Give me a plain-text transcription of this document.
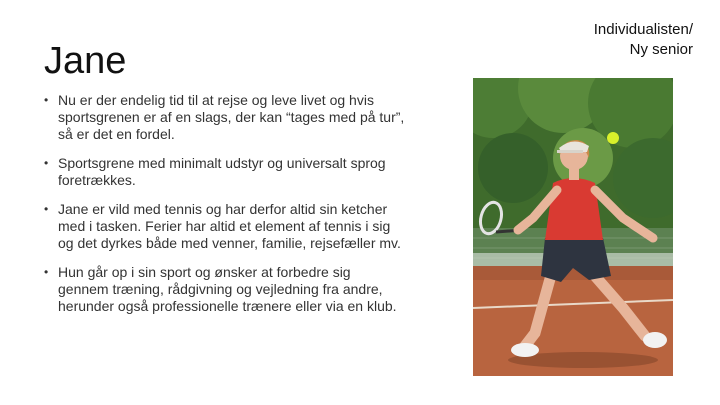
Jane
Individualisten/
Ny senior
• Nu er der endelig tid til at rejse og leve livet og hvis sportsgrenen er af en slags, der kan “tages med på tur”, så er det en fordel.
• Sportsgrene med minimalt udstyr og universalt sprog foretrækkes.
• Jane er vild med tennis og har derfor altid sin ketcher med i tasken. Ferier har altid et element af tennis i sig og det dyrkes både med venner, familie, rejsefæller mv.
• Hun går op i sin sport og ønsker at forbedre sig gennem træning, rådgivning og vejledning fra andre, herunder også professionelle trænere eller via en klub.
